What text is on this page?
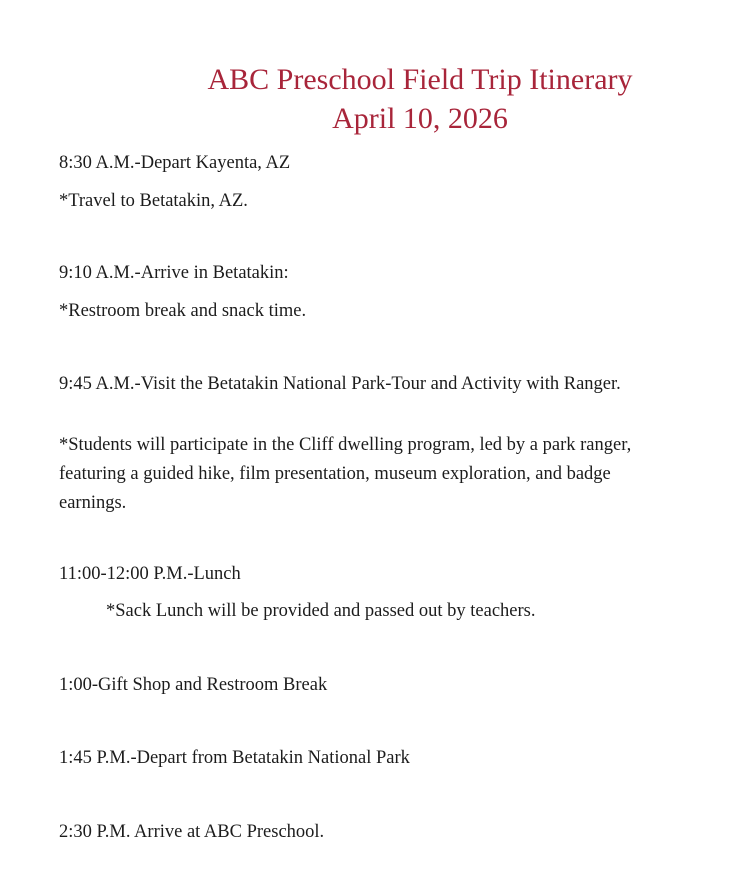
ABC Preschool Field Trip Itinerary
April 10, 2026

8:30 A.M.-Depart Kayenta, AZ

*Travel to Betatakin, AZ.

9:10 A.M.-Arrive in Betatakin:

*Restroom break and snack time.

9:45 A.M.-Visit the Betatakin National Park-Tour and Activity with Ranger.

*Students will participate in the Cliff dwelling program, led by a park ranger, featuring a guided hike, film presentation, museum exploration, and badge earnings.

11:00-12:00 P.M.-Lunch

*Sack Lunch will be provided and passed out by teachers.

1:00-Gift Shop and Restroom Break

1:45 P.M.-Depart from Betatakin National Park

2:30 P.M. Arrive at ABC Preschool.
